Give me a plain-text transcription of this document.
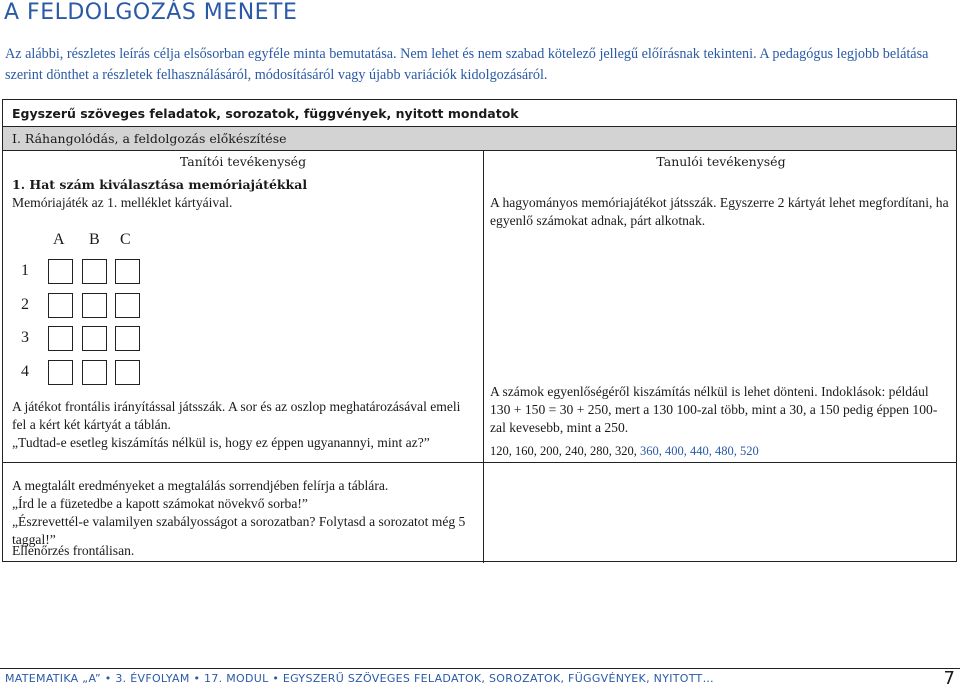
A FELDOLGOZÁS MENETE
Az alábbi, részletes leírás célja elsősorban egyféle minta bemutatása. Nem lehet és nem szabad kötelező jellegű előírásnak tekinteni. A pedagógus legjobb belátása szerint dönthet a részletek felhasználásáról, módosításáról vagy újabb variációk kidolgozásáról.
Egyszerű szöveges feladatok, sorozatok, függvények, nyitott mondatok
I. Ráhangolódás, a feldolgozás előkészítése
Tanítói tevékenység	Tanulói tevékenység
1. Hat szám kiválasztása memóriajátékkal
Memóriajáték az 1. melléklet kártyáival.
A B C
1
2
3
4
A játékot frontális irányítással játsszák. A sor és az oszlop meghatározásával emeli fel a kért két kártyát a táblán.
„Tudtad-e esetleg kiszámítás nélkül is, hogy ez éppen ugyanannyi, mint az?”
A megtalált eredményeket a megtalálás sorrendjében felírja a táblára.
„Írd le a füzetedbe a kapott számokat növekvő sorba!”
„Észrevettél-e valamilyen szabályosságot a sorozatban? Folytasd a sorozatot még 5 taggal!”
Ellenőrzés frontálisan.
A hagyományos memóriajátékot játsszák. Egyszerre 2 kártyát lehet megfordítani, ha egyenlő számokat adnak, párt alkotnak.
A számok egyenlőségéről kiszámítás nélkül is lehet dönteni. Indoklások: például 130 + 150 = 30 + 250, mert a 130 100-zal több, mint a 30, a 150 pedig éppen 100-zal kevesebb, mint a 250.
120, 160, 200, 240, 280, 320, 360, 400, 440, 480, 520
MATEMATIKA „A” • 3. ÉVFOLYAM • 17. MODUL • EGYSZERŰ SZÖVEGES FELADATOK, SOROZATOK, FÜGGVÉNYEK, NYITOTT…	7
